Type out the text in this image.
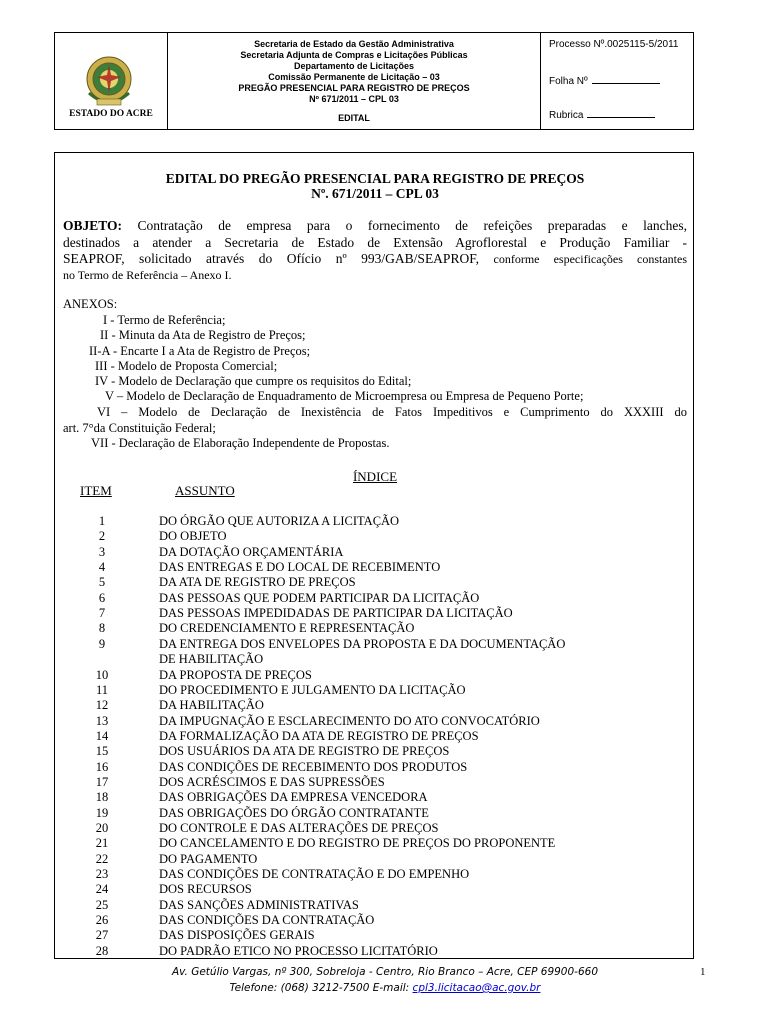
ESTADO DO ACRE
Secretaria de Estado da Gestão Administrativa
Secretaria Adjunta de Compras e Licitações Públicas
Departamento de Licitações
Comissão Permanente de Licitação – 03
PREGÃO PRESENCIAL PARA REGISTRO DE PREÇOS
Nº 671/2011 – CPL 03
EDITAL
Processo Nº.0025115-5/2011
Folha Nº
Rubrica
EDITAL DO PREGÃO PRESENCIAL PARA REGISTRO DE PREÇOS
Nº. 671/2011 – CPL 03
OBJETO: Contratação de empresa para o fornecimento de refeições preparadas e lanches,
destinados a atender a Secretaria de Estado de Extensão Agroflorestal e Produção Familiar -
SEAPROF, solicitado através do Ofício nº 993/GAB/SEAPROF, conforme especificações constantes
no Termo de Referência – Anexo I.
ANEXOS:
I - Termo de Referência;
II - Minuta da Ata de Registro de Preços;
II-A - Encarte I a Ata de Registro de Preços;
III - Modelo de Proposta Comercial;
IV - Modelo de Declaração que cumpre os requisitos do Edital;
V – Modelo de Declaração de Enquadramento de Microempresa ou Empresa de Pequeno Porte;
VI – Modelo de Declaração de Inexistência de Fatos Impeditivos e Cumprimento do XXXIII do
art. 7°da Constituição Federal;
VII - Declaração de Elaboração Independente de Propostas.
ÍNDICE
ITEM	ASSUNTO
1	DO ÓRGÃO QUE AUTORIZA A LICITAÇÃO
2	DO OBJETO
3	DA DOTAÇÃO ORÇAMENTÁRIA
4	DAS ENTREGAS E DO LOCAL DE RECEBIMENTO
5	DA ATA DE REGISTRO DE PREÇOS
6	DAS PESSOAS QUE PODEM PARTICIPAR DA LICITAÇÃO
7	DAS PESSOAS IMPEDIDADAS DE PARTICIPAR DA LICITAÇÃO
8	DO CREDENCIAMENTO E REPRESENTAÇÃO
9	DA ENTREGA DOS ENVELOPES DA PROPOSTA E DA DOCUMENTAÇÃO
DE HABILITAÇÃO
10	DA PROPOSTA DE PREÇOS
11	DO PROCEDIMENTO E JULGAMENTO DA LICITAÇÃO
12	DA HABILITAÇÃO
13	DA IMPUGNAÇÃO E ESCLARECIMENTO DO ATO CONVOCATÓRIO
14	DA FORMALIZAÇÃO DA ATA DE REGISTRO DE PREÇOS
15	DOS USUÁRIOS DA ATA DE REGISTRO DE PREÇOS
16	DAS CONDIÇÕES DE RECEBIMENTO DOS PRODUTOS
17	DOS ACRÉSCIMOS E DAS SUPRESSÕES
18	DAS OBRIGAÇÕES DA EMPRESA VENCEDORA
19	DAS OBRIGAÇÕES DO ÓRGÃO CONTRATANTE
20	DO CONTROLE E DAS ALTERAÇÕES DE PREÇOS
21	DO CANCELAMENTO E DO REGISTRO DE PREÇOS DO PROPONENTE
22	DO PAGAMENTO
23	DAS CONDIÇÕES DE CONTRATAÇÃO E DO EMPENHO
24	DOS RECURSOS
25	DAS SANÇÕES ADMINISTRATIVAS
26	DAS CONDIÇÕES DA CONTRATAÇÃO
27	DAS DISPOSIÇÕES GERAIS
28	DO PADRÃO ETICO NO PROCESSO LICITATÓRIO
Av. Getúlio Vargas, nº 300, Sobreloja - Centro, Rio Branco – Acre, CEP 69900-660
Telefone: (068) 3212-7500 E-mail: cpl3.licitacao@ac.gov.br
1
